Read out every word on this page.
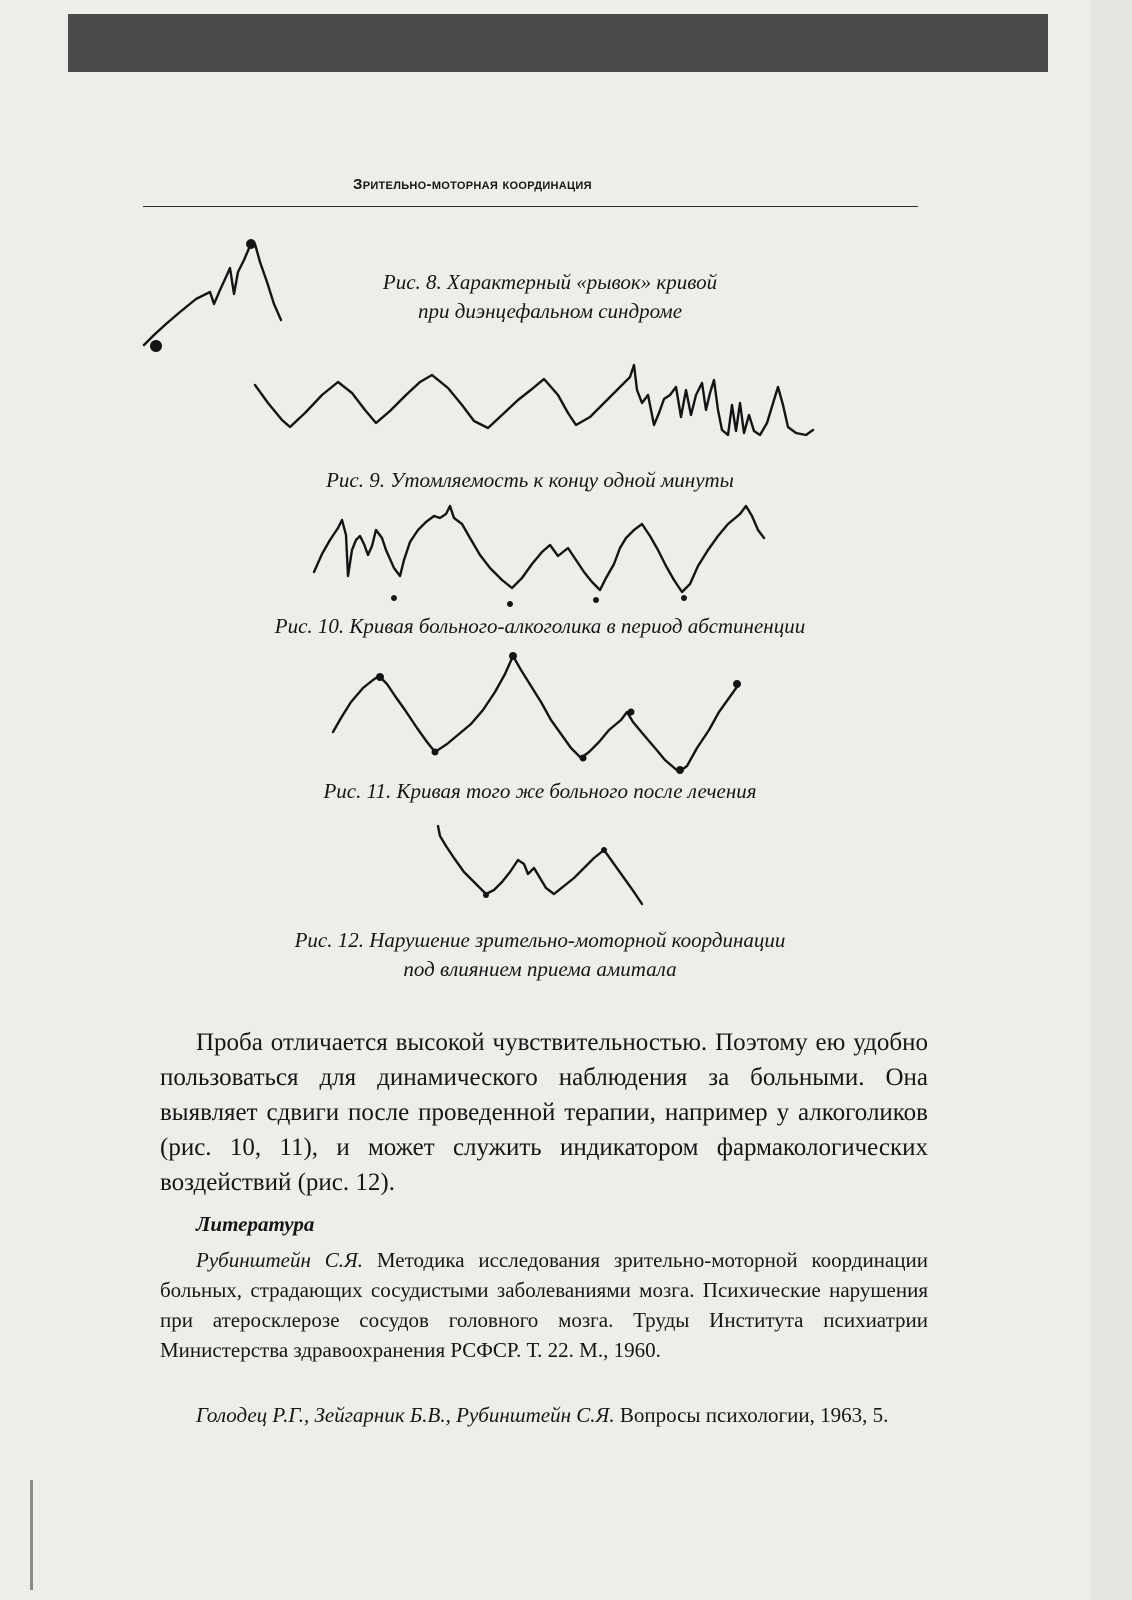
Зрительно-моторная координация
Рис. 8. Характерный «рывок» кривой
при диэнцефальном синдроме
Рис. 9. Утомляемость к концу одной минуты
Рис. 10. Кривая больного-алкоголика в период абстиненции
Рис. 11. Кривая того же больного после лечения
Рис. 12. Нарушение зрительно-моторной координации
под влиянием приема амитала

Проба отличается высокой чувствительностью. Поэтому ею удобно пользоваться для динамического наблюдения за больными. Она выявляет сдвиги после проведенной терапии, например у алкоголиков (рис. 10, 11), и может служить индикатором фармакологических воздействий (рис. 12).

Литература

Рубинштейн С.Я. Методика исследования зрительно-моторной координации больных, страдающих сосудистыми заболеваниями мозга. Психические нарушения при атеросклерозе сосудов головного мозга. Труды Института психиатрии Министерства здравоохранения РСФСР. Т. 22. М., 1960.

Голодец Р.Г., Зейгарник Б.В., Рубинштейн С.Я. Вопросы психологии, 1963, 5.
